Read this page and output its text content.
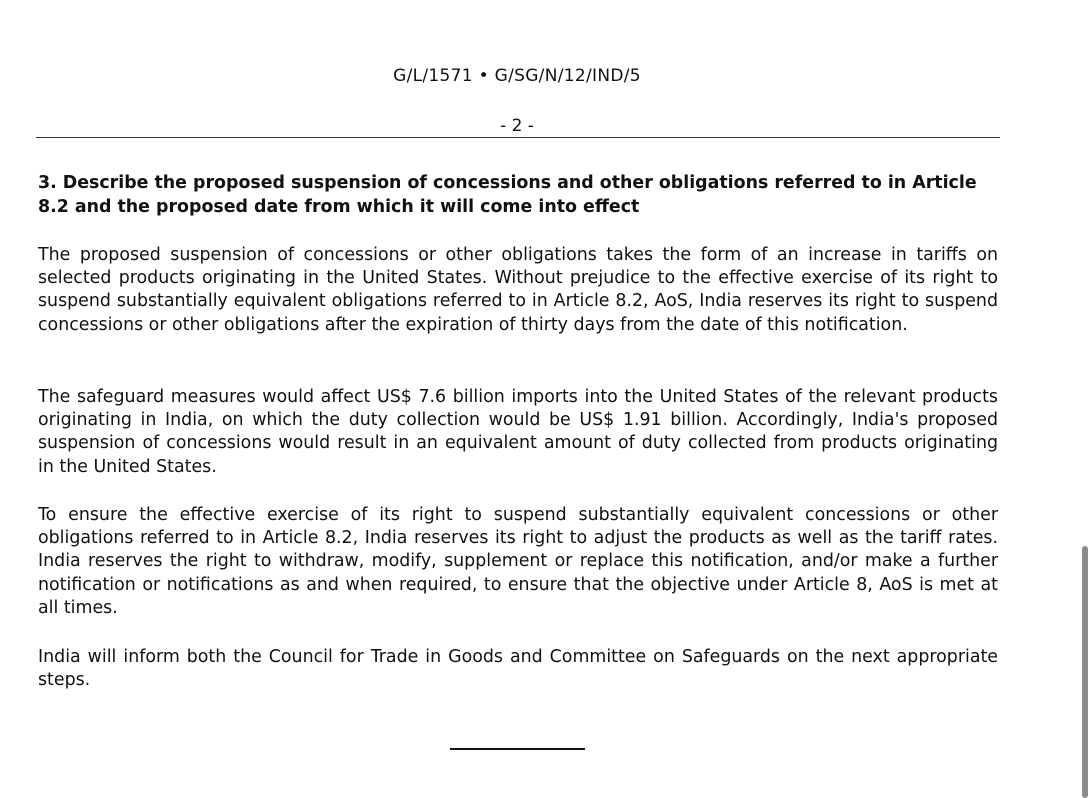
G/L/1571 • G/SG/N/12/IND/5
- 2 -

3. Describe the proposed suspension of concessions and other obligations referred to in Article 8.2 and the proposed date from which it will come into effect

The proposed suspension of concessions or other obligations takes the form of an increase in tariffs on selected products originating in the United States. Without prejudice to the effective exercise of its right to suspend substantially equivalent obligations referred to in Article 8.2, AoS, India reserves its right to suspend concessions or other obligations after the expiration of thirty days from the date of this notification.

The safeguard measures would affect US$ 7.6 billion imports into the United States of the relevant products originating in India, on which the duty collection would be US$ 1.91 billion. Accordingly, India's proposed suspension of concessions would result in an equivalent amount of duty collected from products originating in the United States.

To ensure the effective exercise of its right to suspend substantially equivalent concessions or other obligations referred to in Article 8.2, India reserves its right to adjust the products as well as the tariff rates. India reserves the right to withdraw, modify, supplement or replace this notification, and/or make a further notification or notifications as and when required, to ensure that the objective under Article 8, AoS is met at all times.

India will inform both the Council for Trade in Goods and Committee on Safeguards on the next appropriate steps.
